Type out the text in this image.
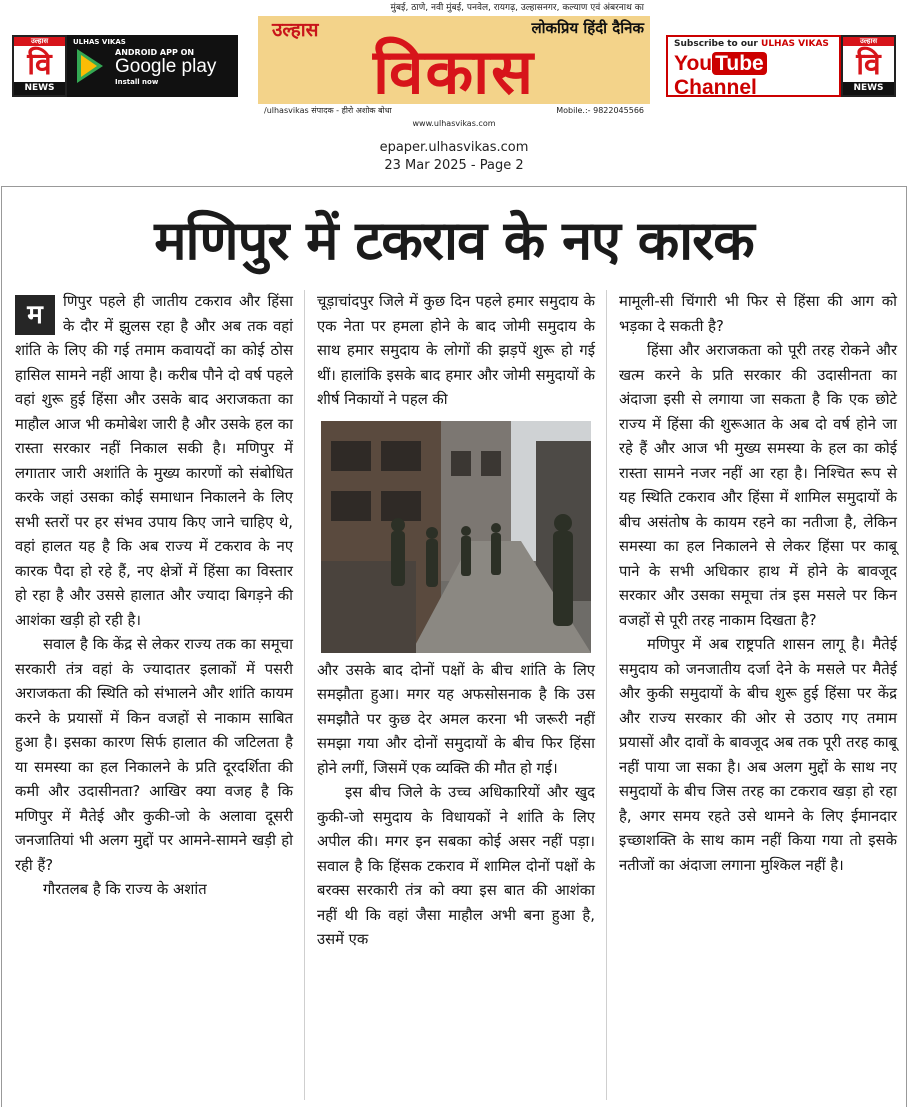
उल्हास
वि
NEWS
ULHAS VIKAS
ANDROID APP ON
Google play
Install now
मुंबई, ठाणे, नवी मुंबई, पनवेल, रायगढ़, उल्हासनगर, कल्याण एवं अंबरनाथ का
उल्हास	लोकप्रिय हिंदी दैनिक
विकास
/ulhasvikas संपादक - हीरो अशोक बोधा	Mobile.:- 9822045566
www.ulhasvikas.com
Subscribe to our ULHAS VIKAS
You Tube Channel
उल्हास
वि
NEWS
epaper.ulhasvikas.com
23 Mar 2025 - Page 2
मणिपुर में टकराव के नए कारक

म	णिपुर पहले ही जातीय टकराव और हिंसा के दौर में झुलस रहा है और अब तक वहां शांति के लिए की गई तमाम कवायदों का कोई ठोस हासिल सामने नहीं आया है। करीब पौने दो वर्ष पहले वहां शुरू हुई हिंसा और उसके बाद अराजकता का माहौल आज भी कमोबेश जारी है और उसके हल का रास्ता सरकार नहीं निकाल सकी है। मणिपुर में लगातार जारी अशांति के मुख्य कारणों को संबोधित करके जहां उसका कोई समाधान निकालने के लिए सभी स्तरों पर हर संभव उपाय किए जाने चाहिए थे, वहां हालत यह है कि अब राज्य में टकराव के नए कारक पैदा हो रहे हैं, नए क्षेत्रों में हिंसा का विस्तार हो रहा है और उससे हालात और ज्यादा बिगड़ने की आशंका खड़ी हो रही है।

सवाल है कि केंद्र से लेकर राज्य तक का समूचा सरकारी तंत्र वहां के ज्यादातर इलाकों में पसरी अराजकता की स्थिति को संभालने और शांति कायम करने के प्रयासों में किन वजहों से नाकाम साबित हुआ है। इसका कारण सिर्फ हालात की जटिलता है या समस्या का हल निकालने के प्रति दूरदर्शिता की कमी और उदासीनता? आखिर क्या वजह है कि मणिपुर में मैतेई और कुकी-जो के अलावा दूसरी जनजातियां भी अलग मुद्दों पर आमने-सामने खड़ी हो रही हैं?

गौरतलब है कि राज्य के अशांत

चूड़ाचांदपुर जिले में कुछ दिन पहले हमार समुदाय के एक नेता पर हमला होने के बाद जोमी समुदाय के साथ हमार समुदाय के लोगों की झड़पें शुरू हो गई थीं। हालांकि इसके बाद हमार और जोमी समुदायों के शीर्ष निकायों ने पहल की

और उसके बाद दोनों पक्षों के बीच शांति के लिए समझौता हुआ। मगर यह अफसोसनाक है कि उस समझौते पर कुछ देर अमल करना भी जरूरी नहीं समझा गया और दोनों समुदायों के बीच फिर हिंसा होने लगीं, जिसमें एक व्यक्ति की मौत हो गई।

इस बीच जिले के उच्च अधिकारियों और खुद कुकी-जो समुदाय के विधायकों ने शांति के लिए अपील की। मगर इन सबका कोई असर नहीं पड़ा। सवाल है कि हिंसक टकराव में शामिल दोनों पक्षों के बरक्स सरकारी तंत्र को क्या इस बात की आशंका नहीं थी कि वहां जैसा माहौल अभी बना हुआ है, उसमें एक

मामूली-सी चिंगारी भी फिर से हिंसा की आग को भड़का दे सकती है?

हिंसा और अराजकता को पूरी तरह रोकने और खत्म करने के प्रति सरकार की उदासीनता का अंदाजा इसी से लगाया जा सकता है कि एक छोटे राज्य में हिंसा की शुरूआत के अब दो वर्ष होने जा रहे हैं और आज भी मुख्य समस्या के हल का कोई रास्ता सामने नजर नहीं आ रहा है। निश्चित रूप से यह स्थिति टकराव और हिंसा में शामिल समुदायों के बीच असंतोष के कायम रहने का नतीजा है, लेकिन समस्या का हल निकालने से लेकर हिंसा पर काबू पाने के सभी अधिकार हाथ में होने के बावजूद सरकार और उसका समूचा तंत्र इस मसले पर किन वजहों से पूरी तरह नाकाम दिखता है?

मणिपुर में अब राष्ट्रपति शासन लागू है। मैतेई समुदाय को जनजातीय दर्जा देने के मसले पर मैतेई और कुकी समुदायों के बीच शुरू हुई हिंसा पर केंद्र और राज्य सरकार की ओर से उठाए गए तमाम प्रयासों और दावों के बावजूद अब तक पूरी तरह काबू नहीं पाया जा सका है। अब अलग मुद्दों के साथ नए समुदायों के बीच जिस तरह का टकराव खड़ा हो रहा है, अगर समय रहते उसे थामने के लिए ईमानदार इच्छाशक्ति के साथ काम नहीं किया गया तो इसके नतीजों का अंदाजा लगाना मुश्किल नहीं है।
